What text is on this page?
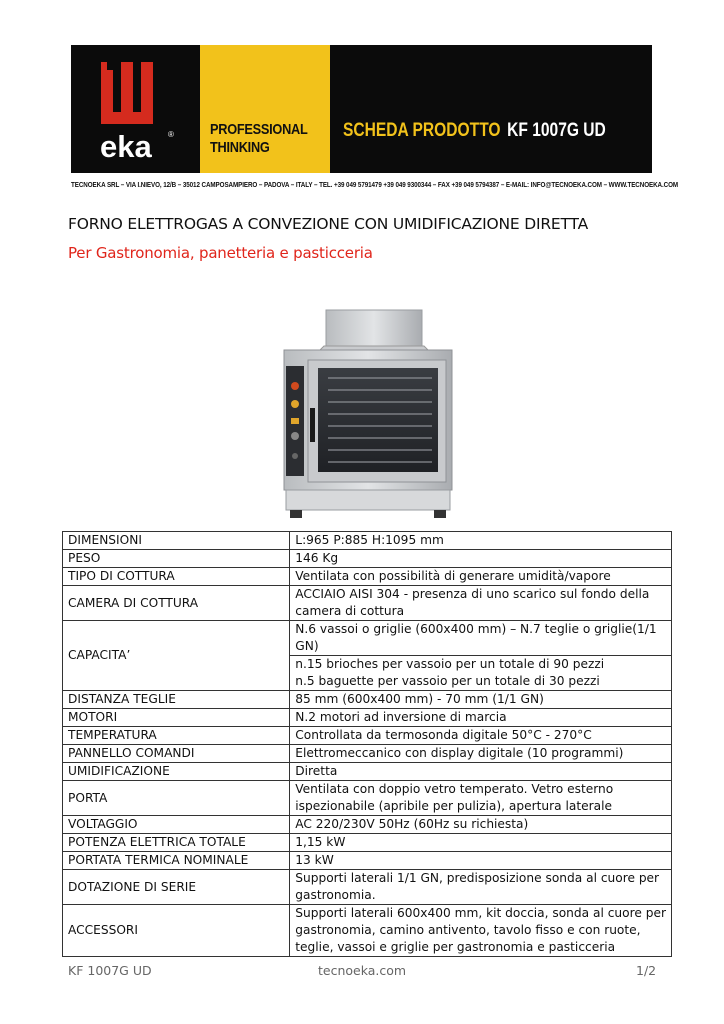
eka ® PROFESSIONAL
THINKING
SCHEDA PRODOTTO KF 1007G UD
TECNOEKA SRL – VIA I.NIEVO, 12/B – 35012 CAMPOSAMPIERO – PADOVA – ITALY – TEL. +39 049 5791479 +39 049 9300344 – FAX +39 049 5794387 – E-MAIL: INFO@TECNOEKA.COM – WWW.TECNOEKA.COM
FORNO ELETTROGAS A CONVEZIONE CON UMIDIFICAZIONE DIRETTA
Per Gastronomia, panetteria e pasticceria
DIMENSIONI	L:965 P:885 H:1095 mm
PESO	146 Kg
TIPO DI COTTURA	Ventilata con possibilità di generare umidità/vapore
CAMERA DI COTTURA	ACCIAIO AISI 304 - presenza di uno scarico sul fondo della camera di cottura
CAPACITA’	N.6 vassoi o griglie (600x400 mm) – N.7 teglie o griglie(1/1 GN)
	n.15 brioches per vassoio per un totale di 90 pezzi
n.5 baguette per vassoio per un totale di 30 pezzi
DISTANZA TEGLIE	85 mm (600x400 mm) - 70 mm (1/1 GN)
MOTORI	N.2 motori ad inversione di marcia
TEMPERATURA	Controllata da termosonda digitale 50°C - 270°C
PANNELLO COMANDI	Elettromeccanico con display digitale (10 programmi)
UMIDIFICAZIONE	Diretta
PORTA	Ventilata con doppio vetro temperato. Vetro esterno ispezionabile (apribile per pulizia), apertura laterale
VOLTAGGIO	AC 220/230V 50Hz (60Hz su richiesta)
POTENZA ELETTRICA TOTALE	1,15 kW
PORTATA TERMICA NOMINALE	13 kW
DOTAZIONE DI SERIE	Supporti laterali 1/1 GN, predisposizione sonda al cuore per gastronomia.
ACCESSORI	Supporti laterali 600x400 mm, kit doccia, sonda al cuore per gastronomia, camino antivento, tavolo fisso e con ruote, teglie, vassoi e griglie per gastronomia e pasticceria
KF 1007G UD	tecnoeka.com	1/2
